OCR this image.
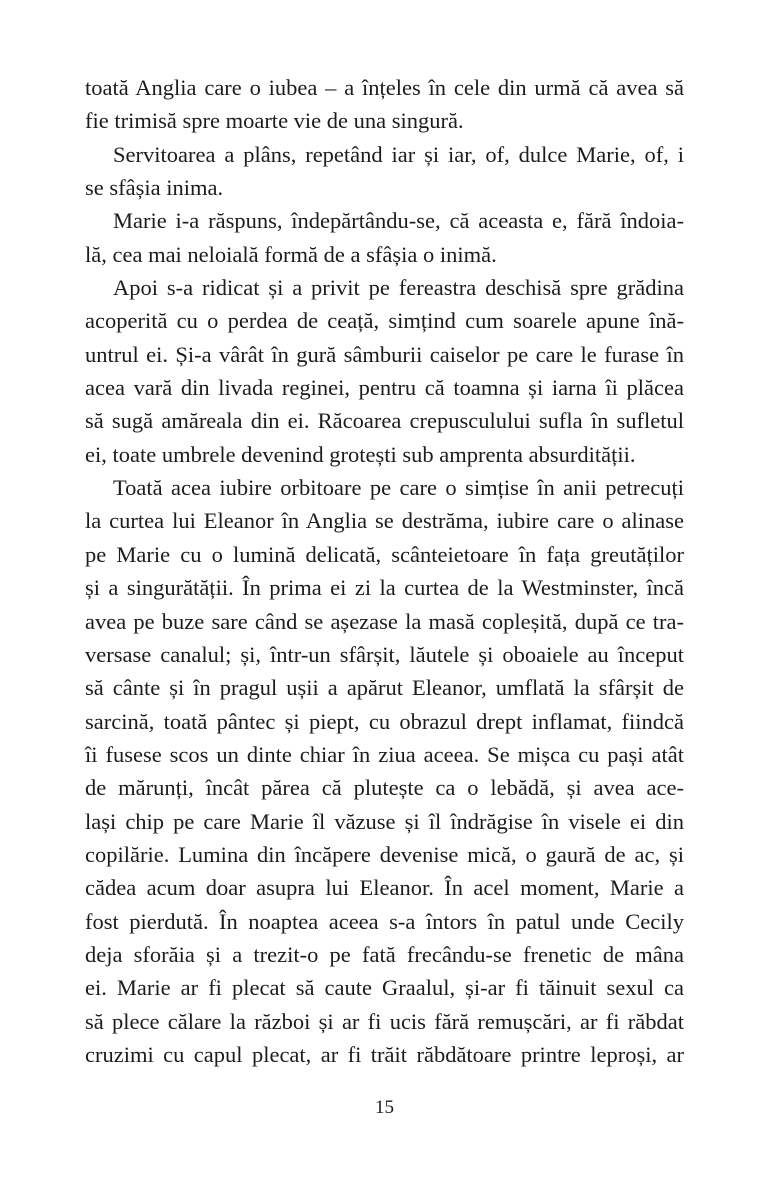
toată Anglia care o iubea – a înțeles în cele din urmă că avea să
fie trimisă spre moarte vie de una singură.
Servitoarea a plâns, repetând iar și iar, of, dulce Marie, of, i
se sfâșia inima.
Marie i-a răspuns, îndepărtându-se, că aceasta e, fără îndoia-
lă, cea mai neloială formă de a sfâșia o inimă.
Apoi s-a ridicat și a privit pe fereastra deschisă spre grădina
acoperită cu o perdea de ceață, simțind cum soarele apune înă-
untrul ei. Și-a vârât în gură sâmburii caiselor pe care le furase în
acea vară din livada reginei, pentru că toamna și iarna îi plăcea
să sugă amăreala din ei. Răcoarea crepusculului sufla în sufletul
ei, toate umbrele devenind grotești sub amprenta absurdității.
Toată acea iubire orbitoare pe care o simțise în anii petrecuți
la curtea lui Eleanor în Anglia se destrăma, iubire care o alinase
pe Marie cu o lumină delicată, scânteietoare în fața greutăților
și a singurătății. În prima ei zi la curtea de la Westminster, încă
avea pe buze sare când se așezase la masă copleșită, după ce tra-
versase canalul; și, într-un sfârșit, lăutele și oboaiele au început
să cânte și în pragul ușii a apărut Eleanor, umflată la sfârșit de
sarcină, toată pântec și piept, cu obrazul drept inflamat, fiindcă
îi fusese scos un dinte chiar în ziua aceea. Se mișca cu pași atât
de mărunți, încât părea că plutește ca o lebădă, și avea ace-
lași chip pe care Marie îl văzuse și îl îndrăgise în visele ei din
copilărie. Lumina din încăpere devenise mică, o gaură de ac, și
cădea acum doar asupra lui Eleanor. În acel moment, Marie a
fost pierdută. În noaptea aceea s-a întors în patul unde Cecily
deja sforăia și a trezit-o pe fată frecându-se frenetic de mâna
ei. Marie ar fi plecat să caute Graalul, și-ar fi tăinuit sexul ca
să plece călare la război și ar fi ucis fără remușcări, ar fi răbdat
cruzimi cu capul plecat, ar fi trăit răbdătoare printre leproși, ar
15
